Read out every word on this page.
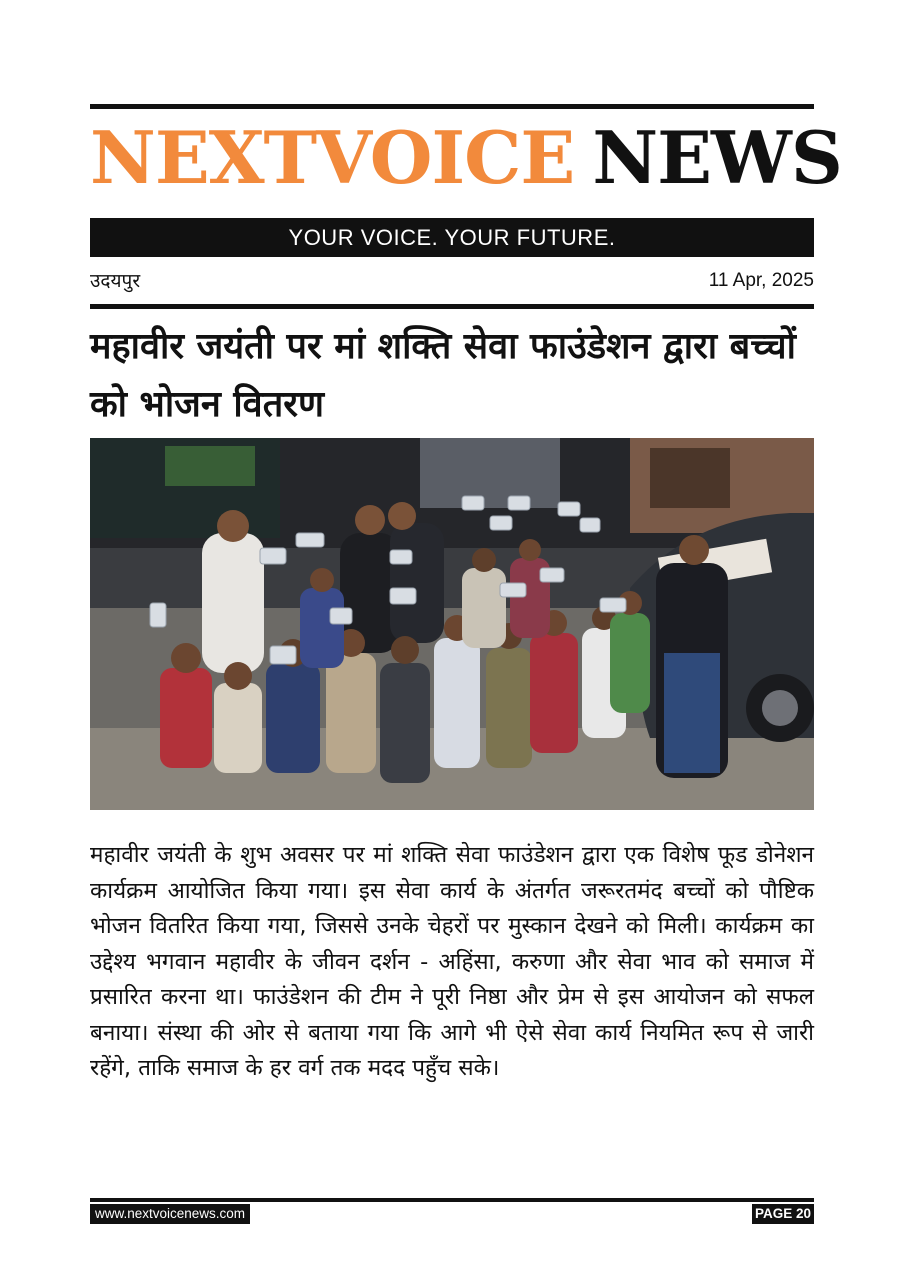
NEXTVOICE NEWS
YOUR VOICE. YOUR FUTURE.
उदयपुर	11 Apr, 2025
महावीर जयंती पर मां शक्ति सेवा फाउंडेशन द्वारा बच्चों को भोजन वितरण
महावीर जयंती के शुभ अवसर पर मां शक्ति सेवा फाउंडेशन द्वारा एक विशेष फूड डोनेशन कार्यक्रम आयोजित किया गया। इस सेवा कार्य के अंतर्गत जरूरतमंद बच्चों को पौष्टिक भोजन वितरित किया गया, जिससे उनके चेहरों पर मुस्कान देखने को मिली। कार्यक्रम का उद्देश्य भगवान महावीर के जीवन दर्शन - अहिंसा, करुणा और सेवा भाव को समाज में प्रसारित करना था। फाउंडेशन की टीम ने पूरी निष्ठा और प्रेम से इस आयोजन को सफल बनाया। संस्था की ओर से बताया गया कि आगे भी ऐसे सेवा कार्य नियमित रूप से जारी रहेंगे, ताकि समाज के हर वर्ग तक मदद पहुँच सके।
www.nextvoicenews.com	PAGE 20
